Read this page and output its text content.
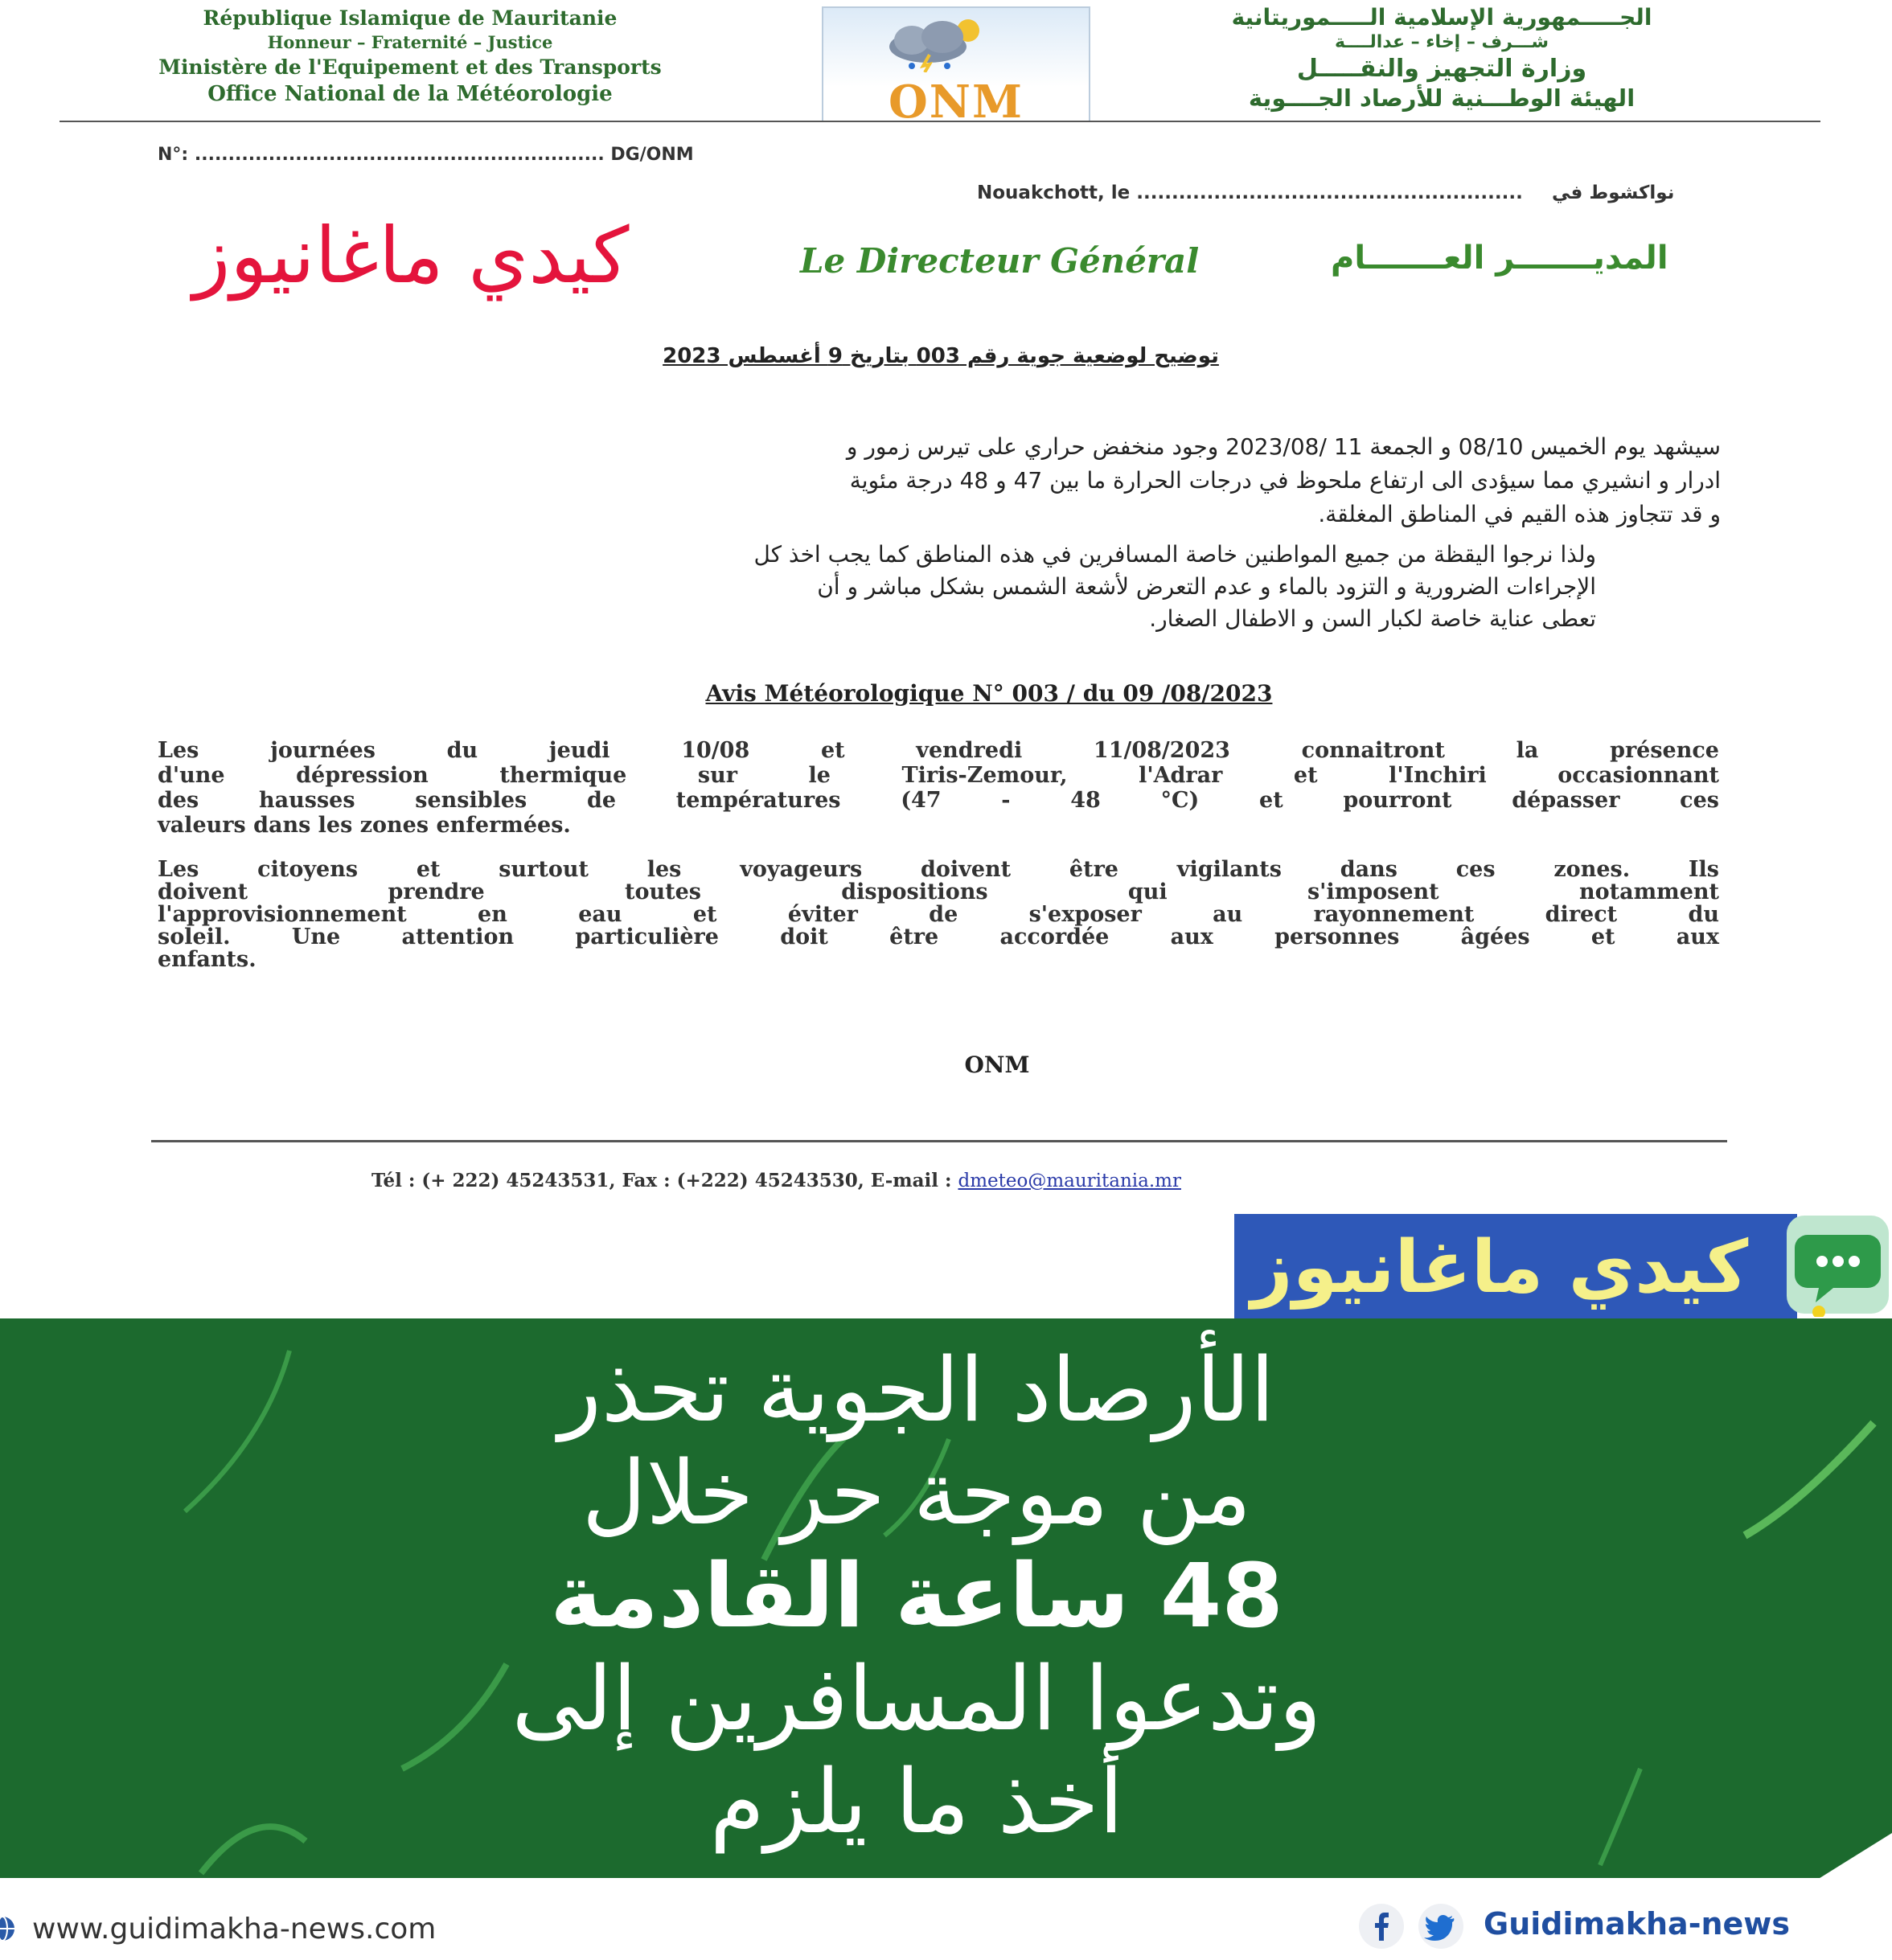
République Islamique de Mauritanie
Honneur – Fraternité – Justice
Ministère de l'Equipement et des Transports
Office National de la Météorologie	ONM
الجـــــمهورية الإسلامية الـــــموريتانية
شـــرف – إخاء – عدالــــة
وزارة التجهيز والنقـــــل
الهيئة الوطـــنية للأرصاد الجــــوية
N°: ............................................................. DG/ONM
Nouakchott, le ....................................................... نواكشوط في
كيدي ماغانيوز	Le Directeur Général	المديـــــــر العـــــــام
توضيح لوضعية جوية رقم 003 بتاريخ 9 أغسطس 2023
سيشهد يوم الخميس 08/10 و الجمعة 11 /2023/08 وجود منخفض حراري على تيرس زمور و
ادرار و انشيري مما سيؤدى الى ارتفاع ملحوظ في درجات الحرارة ما بين 47 و 48 درجة مئوية
و قد تتجاوز هذه القيم في المناطق المغلقة.
ولذا نرجوا اليقظة من جميع المواطنين خاصة المسافرين في هذه المناطق كما يجب اخذ كل
الإجراءات الضرورية و التزود بالماء و عدم التعرض لأشعة الشمس بشكل مباشر و أن
تعطى عناية خاصة لكبار السن و الاطفال الصغار.
Avis Météorologique N° 003 / du 09 /08/2023
Les journées du jeudi 10/08 et vendredi 11/08/2023 connaitront la présence
d'une dépression thermique sur le Tiris-Zemour, l'Adrar et l'Inchiri occasionnant
des hausses sensibles de températures (47 - 48 °C) et pourront dépasser ces
valeurs dans les zones enfermées.
Les citoyens et surtout les voyageurs doivent être vigilants dans ces zones. Ils
doivent prendre toutes dispositions qui s'imposent notamment
l'approvisionnement en eau et éviter de s'exposer au rayonnement direct du
soleil. Une attention particulière doit être accordée aux personnes âgées et aux
enfants.
ONM
Tél : (+ 222) 45243531, Fax : (+222) 45243530, E-mail : dmeteo@mauritania.mr
كيدي ماغانيوز
الأرصاد الجوية تحذر
من موجة حر خلال
48 ساعة القادمة
وتدعوا المسافرين إلى
أخذ ما يلزم
www.guidimakha-news.com	Guidimakha-news
